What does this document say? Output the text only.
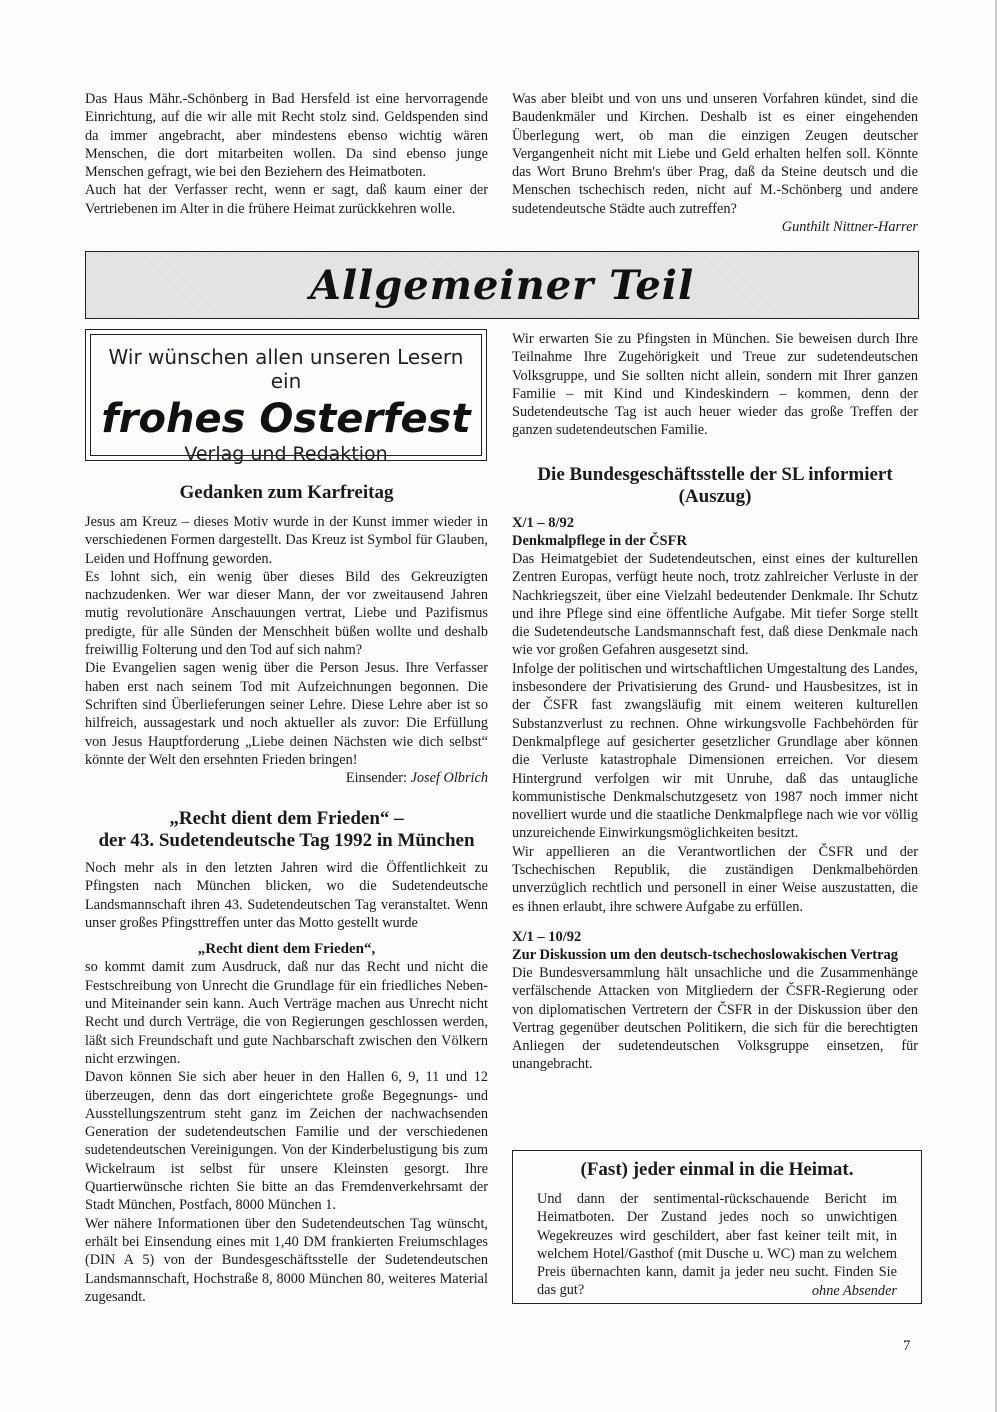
Das Haus Mähr.-Schönberg in Bad Hersfeld ist eine hervorragende Einrichtung, auf die wir alle mit Recht stolz sind. Geldspenden sind da immer angebracht, aber mindestens ebenso wichtig wären Menschen, die dort mitarbeiten wollen. Da sind ebenso junge Menschen gefragt, wie bei den Beziehern des Heimatboten.

Auch hat der Verfasser recht, wenn er sagt, daß kaum einer der Vertriebenen im Alter in die frühere Heimat zurückkehren wolle.

Was aber bleibt und von uns und unseren Vorfahren kündet, sind die Baudenkmäler und Kirchen. Deshalb ist es einer eingehenden Überlegung wert, ob man die einzigen Zeugen deutscher Vergangenheit nicht mit Liebe und Geld erhalten helfen soll. Könnte das Wort Bruno Brehm's über Prag, daß da Steine deutsch und die Menschen tschechisch reden, nicht auf M.-Schönberg und andere sudetendeutsche Städte auch zutreffen?

Gunthilt Nittner-Harrer

Allgemeiner Teil
Wir wünschen allen unseren Lesern ein
frohes Osterfest
Verlag und Redaktion

Wir erwarten Sie zu Pfingsten in München. Sie beweisen durch Ihre Teilnahme Ihre Zugehörigkeit und Treue zur sudetendeutschen Volksgruppe, und Sie sollten nicht allein, sondern mit Ihrer ganzen Familie – mit Kind und Kindeskindern – kommen, denn der Sudetendeutsche Tag ist auch heuer wieder das große Treffen der ganzen sudetendeutschen Familie.

Gedanken zum Karfreitag

Jesus am Kreuz – dieses Motiv wurde in der Kunst immer wieder in verschiedenen Formen dargestellt. Das Kreuz ist Symbol für Glauben, Leiden und Hoffnung geworden.

Es lohnt sich, ein wenig über dieses Bild des Gekreuzigten nachzudenken. Wer war dieser Mann, der vor zweitausend Jahren mutig revolutionäre Anschauungen vertrat, Liebe und Pazifismus predigte, für alle Sünden der Menschheit büßen wollte und deshalb freiwillig Folterung und den Tod auf sich nahm?

Die Evangelien sagen wenig über die Person Jesus. Ihre Verfasser haben erst nach seinem Tod mit Aufzeichnungen begonnen. Die Schriften sind Überlieferungen seiner Lehre. Diese Lehre aber ist so hilfreich, aussagestark und noch aktueller als zuvor: Die Erfüllung von Jesus Hauptforderung „Liebe deinen Nächsten wie dich selbst“ könnte der Welt den ersehnten Frieden bringen!

Einsender: Josef Olbrich

„Recht dient dem Frieden“ –

der 43. Sudetendeutsche Tag 1992 in München

Noch mehr als in den letzten Jahren wird die Öffentlichkeit zu Pfingsten nach München blicken, wo die Sudetendeutsche Landsmannschaft ihren 43. Sudetendeutschen Tag veranstaltet. Wenn unser großes Pfingsttreffen unter das Motto gestellt wurde

„Recht dient dem Frieden“,

so kommt damit zum Ausdruck, daß nur das Recht und nicht die Festschreibung von Unrecht die Grundlage für ein friedliches Neben- und Miteinander sein kann. Auch Verträge machen aus Unrecht nicht Recht und durch Verträge, die von Regierungen geschlossen werden, läßt sich Freundschaft und gute Nachbarschaft zwischen den Völkern nicht erzwingen.

Davon können Sie sich aber heuer in den Hallen 6, 9, 11 und 12 überzeugen, denn das dort eingerichtete große Begegnungs- und Ausstellungszentrum steht ganz im Zeichen der nachwachsenden Generation der sudetendeutschen Familie und der verschiedenen sudetendeutschen Vereinigungen. Von der Kinderbelustigung bis zum Wickelraum ist selbst für unsere Kleinsten gesorgt. Ihre Quartierwünsche richten Sie bitte an das Fremdenverkehrsamt der Stadt München, Postfach, 8000 München 1.

Wer nähere Informationen über den Sudetendeutschen Tag wünscht, erhält bei Einsendung eines mit 1,40 DM frankierten Freiumschlages (DIN A 5) von der Bundesgeschäftsstelle der Sudetendeutschen Landsmannschaft, Hochstraße 8, 8000 München 80, weiteres Material zugesandt.

Die Bundesgeschäftsstelle der SL informiert

(Auszug)

X/1 – 8/92

Denkmalpflege in der ČSFR

Das Heimatgebiet der Sudetendeutschen, einst eines der kulturellen Zentren Europas, verfügt heute noch, trotz zahlreicher Verluste in der Nachkriegszeit, über eine Vielzahl bedeutender Denkmale. Ihr Schutz und ihre Pflege sind eine öffentliche Aufgabe. Mit tiefer Sorge stellt die Sudetendeutsche Landsmannschaft fest, daß diese Denkmale nach wie vor großen Gefahren ausgesetzt sind.

Infolge der politischen und wirtschaftlichen Umgestaltung des Landes, insbesondere der Privatisierung des Grund- und Hausbesitzes, ist in der ČSFR fast zwangsläufig mit einem weiteren kulturellen Substanzverlust zu rechnen. Ohne wirkungsvolle Fachbehörden für Denkmalpflege auf gesicherter gesetzlicher Grundlage aber können die Verluste katastrophale Dimensionen erreichen. Vor diesem Hintergrund verfolgen wir mit Unruhe, daß das untaugliche kommunistische Denkmalschutzgesetz von 1987 noch immer nicht novelliert wurde und die staatliche Denkmalpflege nach wie vor völlig unzureichende Einwirkungsmöglichkeiten besitzt.

Wir appellieren an die Verantwortlichen der ČSFR und der Tschechischen Republik, die zuständigen Denkmalbehörden unverzüglich rechtlich und personell in einer Weise auszustatten, die es ihnen erlaubt, ihre schwere Aufgabe zu erfüllen.

X/1 – 10/92

Zur Diskussion um den deutsch-tschechoslowakischen Vertrag

Die Bundesversammlung hält unsachliche und die Zusammenhänge verfälschende Attacken von Mitgliedern der ČSFR-Regierung oder von diplomatischen Vertretern der ČSFR in der Diskussion über den Vertrag gegenüber deutschen Politikern, die sich für die berechtigten Anliegen der sudetendeutschen Volksgruppe einsetzen, für unangebracht.

(Fast) jeder einmal in die Heimat.

Und dann der sentimental-rückschauende Bericht im Heimatboten. Der Zustand jedes noch so unwichtigen Wegekreuzes wird geschildert, aber fast keiner teilt mit, in welchem Hotel/Gasthof (mit Dusche u. WC) man zu welchem Preis übernachten kann, damit ja jeder neu sucht. Finden Sie das gut?	ohne Absender

7
